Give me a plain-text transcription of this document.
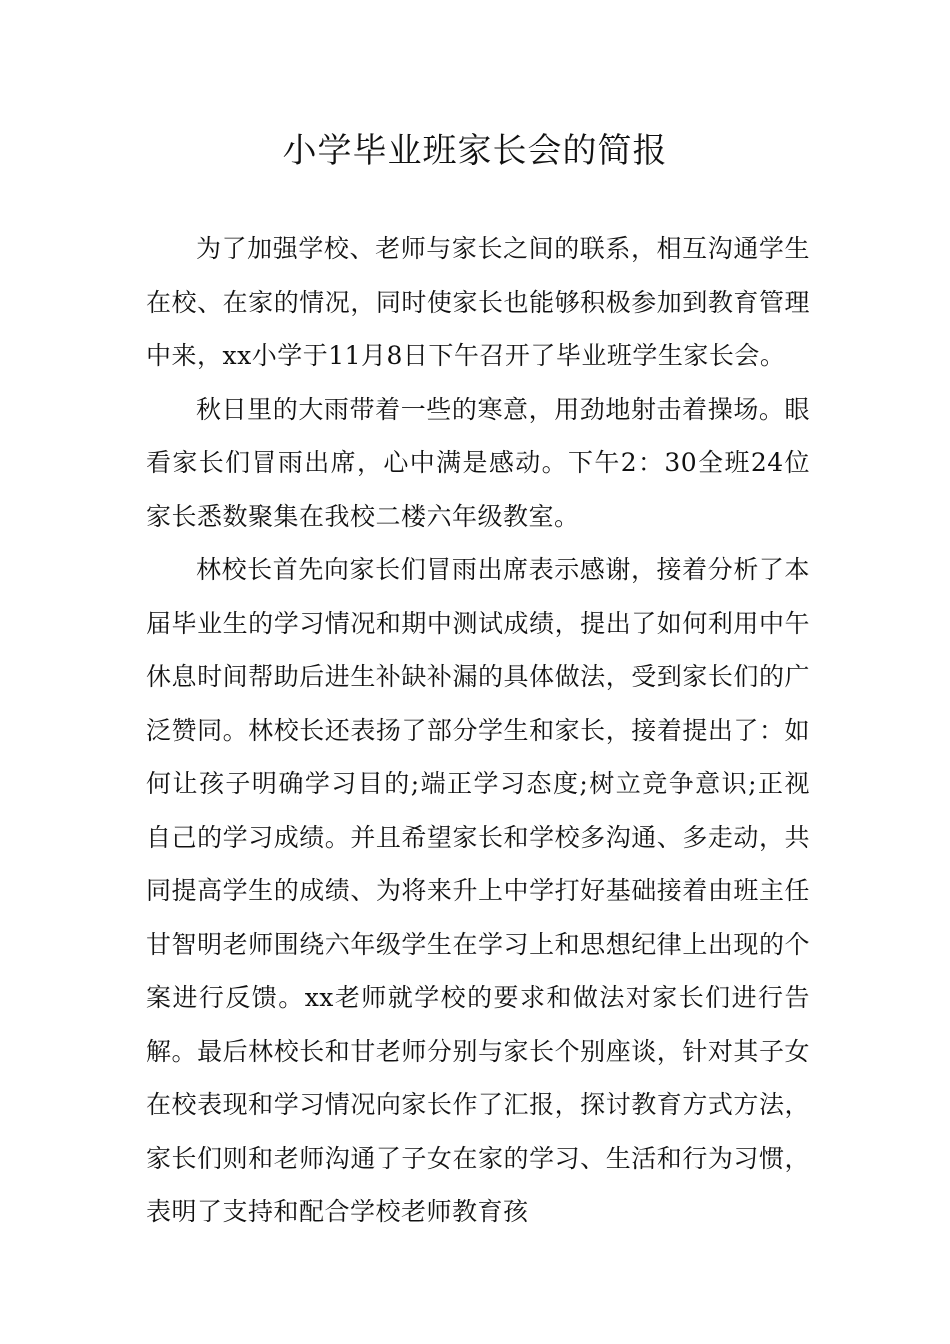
小学毕业班家长会的简报

为了加强学校、老师与家长之间的联系，相互沟通学生在校、在家的情况，同时使家长也能够积极参加到教育管理中来，xx小学于11月8日下午召开了毕业班学生家长会。

秋日里的大雨带着一些的寒意，用劲地射击着操场。眼看家长们冒雨出席，心中满是感动。下午2：30全班24位家长悉数聚集在我校二楼六年级教室。

林校长首先向家长们冒雨出席表示感谢，接着分析了本届毕业生的学习情况和期中测试成绩，提出了如何利用中午休息时间帮助后进生补缺补漏的具体做法，受到家长们的广泛赞同。林校长还表扬了部分学生和家长，接着提出了：如何让孩子明确学习目的;端正学习态度;树立竞争意识;正视自己的学习成绩。并且希望家长和学校多沟通、多走动，共同提高学生的成绩、为将来升上中学打好基础接着由班主任甘智明老师围绕六年级学生在学习上和思想纪律上出现的个案进行反馈。xx老师就学校的要求和做法对家长们进行告解。最后林校长和甘老师分别与家长个别座谈，针对其子女在校表现和学习情况向家长作了汇报，探讨教育方式方法，家长们则和老师沟通了子女在家的学习、生活和行为习惯，表明了支持和配合学校老师教育孩
